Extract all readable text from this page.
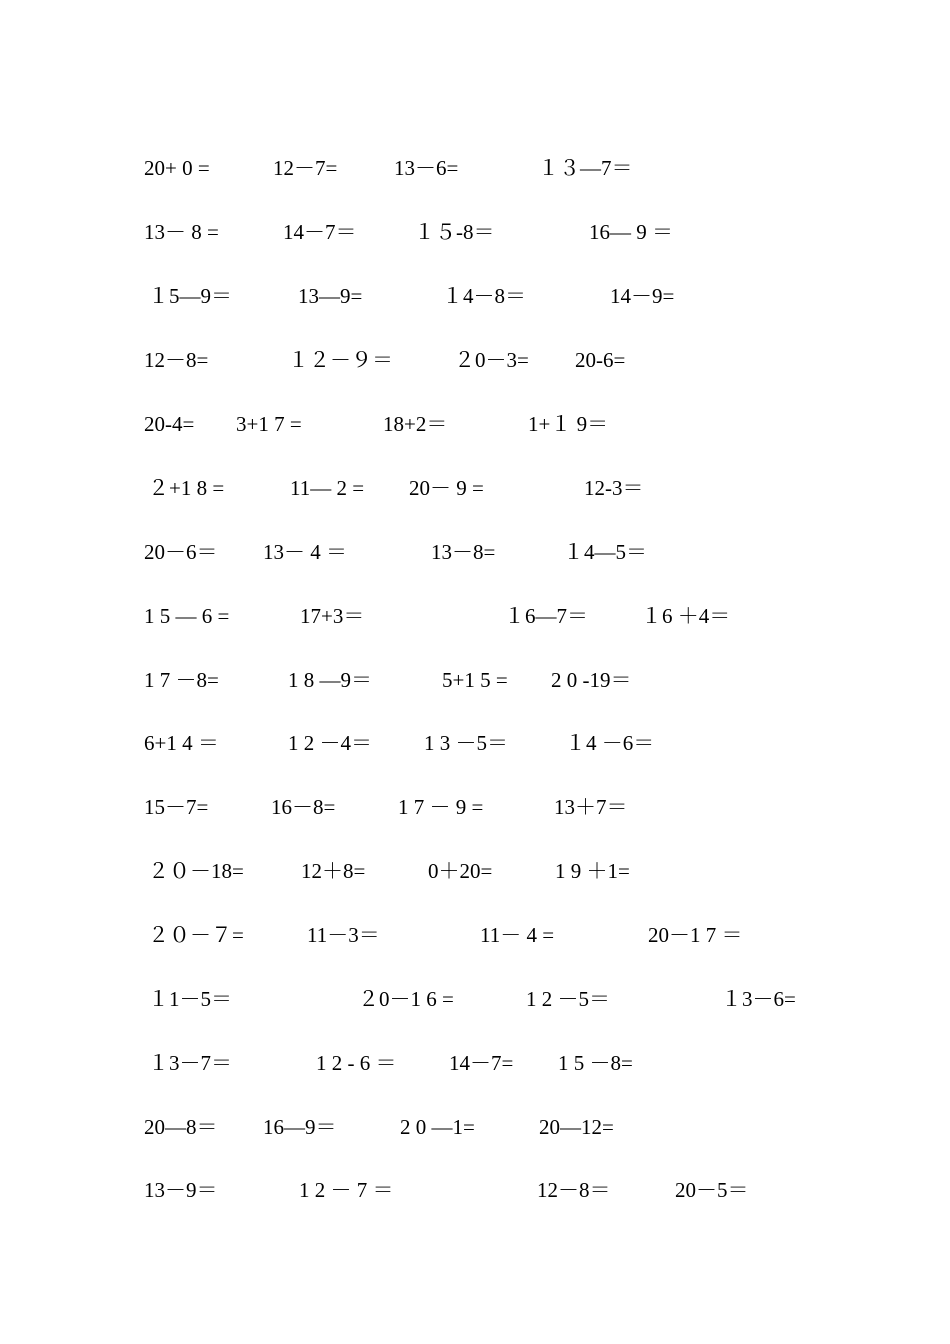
20+ 0 =	12－7=	13－6=	１３—7＝
13－ 8 =	14－7＝	１５-8＝	16— 9 ＝
１5—9＝	13—9=	１4－8＝	14－9=
12－8=	１２－９＝	２0－3= 20-6=
20-4= 3+1 7 =	18+2＝	1+１ 9＝
２+1 8 =	11— 2 = 20－ 9 =	12-3＝
20－6＝ 13－ 4 ＝	13－8=	１4—5＝
1 5 — 6 =	17+3＝	１6—7＝	１6 ＋4＝
1 7 －8=	1 8 —9＝	5+1 5 = 2 0 -19＝
6+1 4 ＝	1 2 －4＝ 1 3 －5＝	１4 －6＝
15－7=	16－8=	1 7 － 9 =	13＋7＝
２０－18=	12＋8=	0＋20=	1 9 ＋1=
２０－７=	11－3＝	11－ 4 =	20－1 7 ＝
１1－5＝	２0－1 6 =	1 2 －5＝	１3－6=
１3－7＝	1 2 - 6 ＝	14－7= 1 5 －8=
20—8＝ 16—9＝	2 0 —1=	20—12=
13－9＝	1 2 － 7 ＝	12－8＝	20－5＝
